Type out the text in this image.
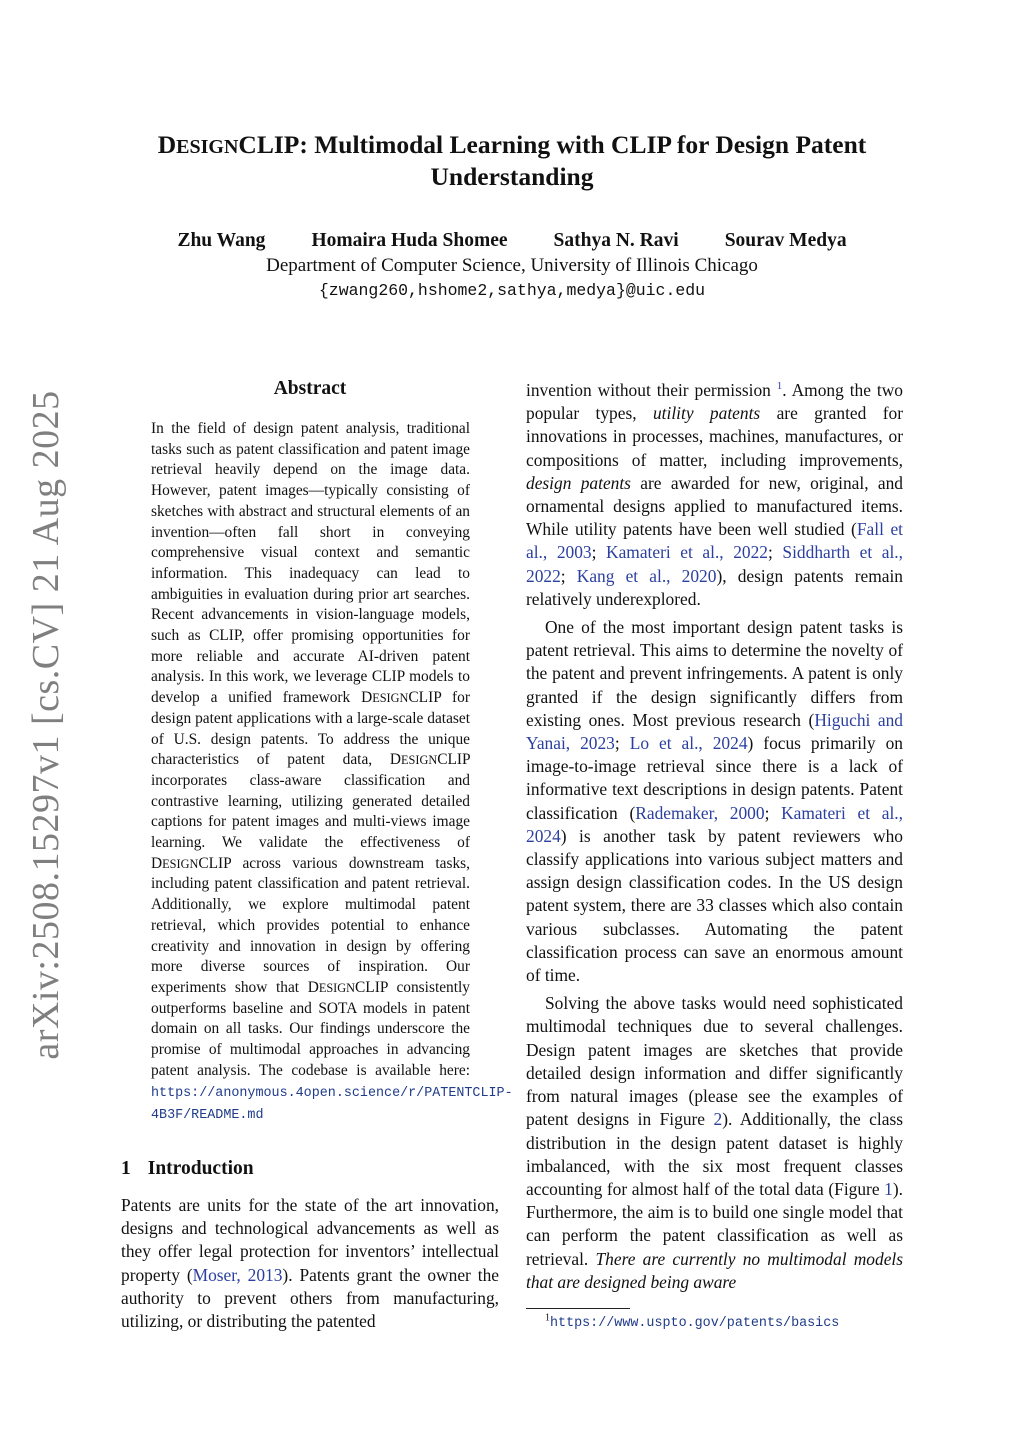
arXiv:2508.15297v1 [cs.CV] 21 Aug 2025
DESIGNCLIP: Multimodal Learning with CLIP for Design Patent
Understanding
Zhu Wang Homaira Huda Shomee Sathya N. Ravi Sourav Medya
Department of Computer Science, University of Illinois Chicago
{zwang260,hshome2,sathya,medya}@uic.edu
Abstract
In the field of design patent analysis, traditional tasks such as patent classification and patent image retrieval heavily depend on the image data. However, patent images—typically consisting of sketches with abstract and structural elements of an invention—often fall short in conveying comprehensive visual context and semantic information. This inadequacy can lead to ambiguities in evaluation during prior art searches. Recent advancements in vision-language models, such as CLIP, offer promising opportunities for more reliable and accurate AI-driven patent analysis. In this work, we leverage CLIP models to develop a unified framework DESIGNCLIP for design patent applications with a large-scale dataset of U.S. design patents. To address the unique characteristics of patent data, DESIGNCLIP incorporates class-aware classification and contrastive learning, utilizing generated detailed captions for patent images and multi-views image learning. We validate the effectiveness of DESIGNCLIP across various downstream tasks, including patent classification and patent retrieval. Additionally, we explore multimodal patent retrieval, which provides potential to enhance creativity and innovation in design by offering more diverse sources of inspiration. Our experiments show that DESIGNCLIP consistently outperforms baseline and SOTA models in patent domain on all tasks. Our findings underscore the promise of multimodal approaches in advancing patent analysis. The codebase is available here: https://anonymous.4open.science/r/PATENTCLIP-4B3F/README.md
1 Introduction

Patents are units for the state of the art innovation, designs and technological advancements as well as they offer legal protection for inventors’ intellectual property (Moser, 2013). Patents grant the owner the authority to prevent others from manufacturing, utilizing, or distributing the patented

invention without their permission $^1$. Among the two popular types, utility patents are granted for innovations in processes, machines, manufactures, or compositions of matter, including improvements, design patents are awarded for new, original, and ornamental designs applied to manufactured items. While utility patents have been well studied (Fall et al., 2003; Kamateri et al., 2022; Siddharth et al., 2022; Kang et al., 2020), design patents remain relatively underexplored.

One of the most important design patent tasks is patent retrieval. This aims to determine the novelty of the patent and prevent infringements. A patent is only granted if the design significantly differs from existing ones. Most previous research (Higuchi and Yanai, 2023; Lo et al., 2024) focus primarily on image-to-image retrieval since there is a lack of informative text descriptions in design patents. Patent classification (Rademaker, 2000; Kamateri et al., 2024) is another task by patent reviewers who classify applications into various subject matters and assign design classification codes. In the US design patent system, there are 33 classes which also contain various subclasses. Automating the patent classification process can save an enormous amount of time.

Solving the above tasks would need sophisticated multimodal techniques due to several challenges. Design patent images are sketches that provide detailed design information and differ significantly from natural images (please see the examples of patent designs in Figure 2). Additionally, the class distribution in the design patent dataset is highly imbalanced, with the six most frequent classes accounting for almost half of the total data (Figure 1). Furthermore, the aim is to build one single model that can perform the patent classification as well as retrieval. There are currently no multimodal models that are designed being aware

$^1$https://www.uspto.gov/patents/basics
